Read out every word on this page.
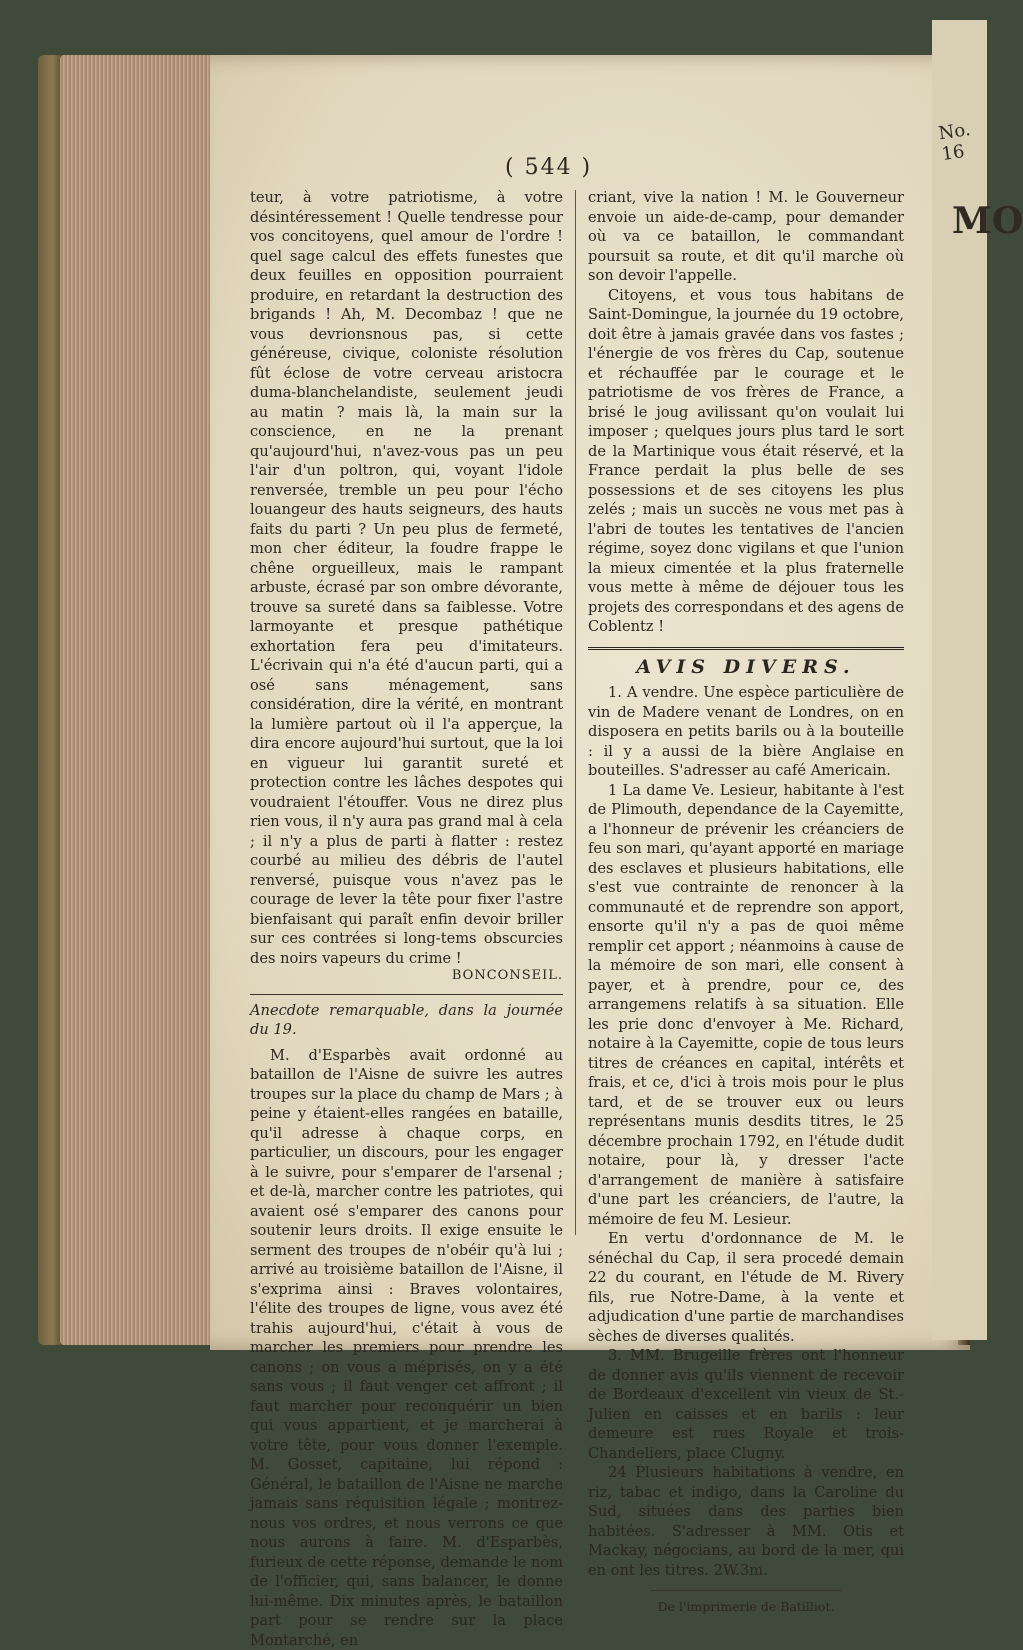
No. 16
MO
( 544 )

teur, à votre patriotisme, à votre désintéressement ! Quelle tendresse pour vos concitoyens, quel amour de l'ordre ! quel sage calcul des effets funestes que deux feuilles en opposition pourraient produire, en retardant la destruction des brigands ! Ah, M. Decombaz ! que ne vous devrionsnous pas, si cette généreuse, civique, coloniste résolution fût éclose de votre cerveau aristocra duma-blanchelandiste, seulement jeudi au matin ? mais là, la main sur la conscience, en ne la prenant qu'aujourd'hui, n'avez-vous pas un peu l'air d'un poltron, qui, voyant l'idole renversée, tremble un peu pour l'écho louangeur des hauts seigneurs, des hauts faits du parti ? Un peu plus de fermeté, mon cher éditeur, la foudre frappe le chêne orgueilleux, mais le rampant arbuste, écrasé par son ombre dévorante, trouve sa sureté dans sa faiblesse. Votre larmoyante et presque pathétique exhortation fera peu d'imitateurs. L'écrivain qui n'a été d'aucun parti, qui a osé sans ménagement, sans considération, dire la vérité, en montrant la lumière partout où il l'a apperçue, la dira encore aujourd'hui surtout, que la loi en vigueur lui garantit sureté et protection contre les lâches despotes qui voudraient l'étouffer. Vous ne direz plus rien vous, il n'y aura pas grand mal à cela ; il n'y a plus de parti à flatter : restez courbé au milieu des débris de l'autel renversé, puisque vous n'avez pas le courage de lever la tête pour fixer l'astre bienfaisant qui paraît enfin devoir briller sur ces contrées si long-tems obscurcies des noirs vapeurs du crime !

BONCONSEIL.

Anecdote remarquable, dans la journée du 19.

M. d'Esparbès avait ordonné au bataillon de l'Aisne de suivre les autres troupes sur la place du champ de Mars ; à peine y étaient-elles rangées en bataille, qu'il adresse à chaque corps, en particulier, un discours, pour les engager à le suivre, pour s'emparer de l'arsenal ; et de-là, marcher contre les patriotes, qui avaient osé s'emparer des canons pour soutenir leurs droits. Il exige ensuite le serment des troupes de n'obéir qu'à lui ; arrivé au troisième bataillon de l'Aisne, il s'exprima ainsi : Braves volontaires, l'élite des troupes de ligne, vous avez été trahis aujourd'hui, c'était à vous de marcher les premiers pour prendre les canons ; on vous a méprisés, on y a été sans vous ; il faut venger cet affront ; il faut marcher pour reconquérir un bien qui vous appartient, et je marcherai à votre tête, pour vous donner l'exemple. M. Gosset, capitaine, lui répond : Général, le bataillon de l'Aisne ne marche jamais sans réquisition légale ; montrez-nous vos ordres, et nous verrons ce que nous aurons à faire. M. d'Esparbès, furieux de cette réponse, demande le nom de l'officier, qui, sans balancer, le donne lui-même. Dix minutes après, le bataillon part pour se rendre sur la place Montarché, en

criant, vive la nation ! M. le Gouverneur envoie un aide-de-camp, pour demander où va ce bataillon, le commandant poursuit sa route, et dit qu'il marche où son devoir l'appelle.

Citoyens, et vous tous habitans de Saint-Domingue, la journée du 19 octobre, doit être à jamais gravée dans vos fastes ; l'énergie de vos frères du Cap, soutenue et réchauffée par le courage et le patriotisme de vos frères de France, a brisé le joug avilissant qu'on voulait lui imposer ; quelques jours plus tard le sort de la Martinique vous était réservé, et la France perdait la plus belle de ses possessions et de ses citoyens les plus zelés ; mais un succès ne vous met pas à l'abri de toutes les tentatives de l'ancien régime, soyez donc vigilans et que l'union la mieux cimentée et la plus fraternelle vous mette à même de déjouer tous les projets des correspondans et des agens de Coblentz !

AVIS DIVERS.

1. A vendre. Une espèce particulière de vin de Madere venant de Londres, on en disposera en petits barils ou à la bouteille : il y a aussi de la bière Anglaise en bouteilles. S'adresser au café Americain.

1 La dame Ve. Lesieur, habitante à l'est de Plimouth, dependance de la Cayemitte, a l'honneur de prévenir les créanciers de feu son mari, qu'ayant apporté en mariage des esclaves et plusieurs habitations, elle s'est vue contrainte de renoncer à la communauté et de reprendre son apport, ensorte qu'il n'y a pas de quoi même remplir cet apport ; néanmoins à cause de la mémoire de son mari, elle consent à payer, et à prendre, pour ce, des arrangemens relatifs à sa situation. Elle les prie donc d'envoyer à Me. Richard, notaire à la Cayemitte, copie de tous leurs titres de créances en capital, intérêts et frais, et ce, d'ici à trois mois pour le plus tard, et de se trouver eux ou leurs représentans munis desdits titres, le 25 décembre prochain 1792, en l'étude dudit notaire, pour là, y dresser l'acte d'arrangement de manière à satisfaire d'une part les créanciers, de l'autre, la mémoire de feu M. Lesieur.

En vertu d'ordonnance de M. le sénéchal du Cap, il sera procedé demain 22 du courant, en l'étude de M. Rivery fils, rue Notre-Dame, à la vente et adjudication d'une partie de marchandises sèches de diverses qualités.

3. MM. Brugeille frères ont l'honneur de donner avis qu'ils viennent de recevoir de Bordeaux d'excellent vin vieux de St.-Julien en caisses et en barils : leur demeure est rues Royale et trois-Chandeliers, place Clugny.

24 Plusieurs habitations à vendre, en riz, tabac et indigo, dans la Caroline du Sud, situées dans des parties bien habitées. S'adresser à MM. Otis et Mackay, négocians, au bord de la mer, qui en ont les titres. 2W.3m.

De l'imprimerie de Batilliot.
